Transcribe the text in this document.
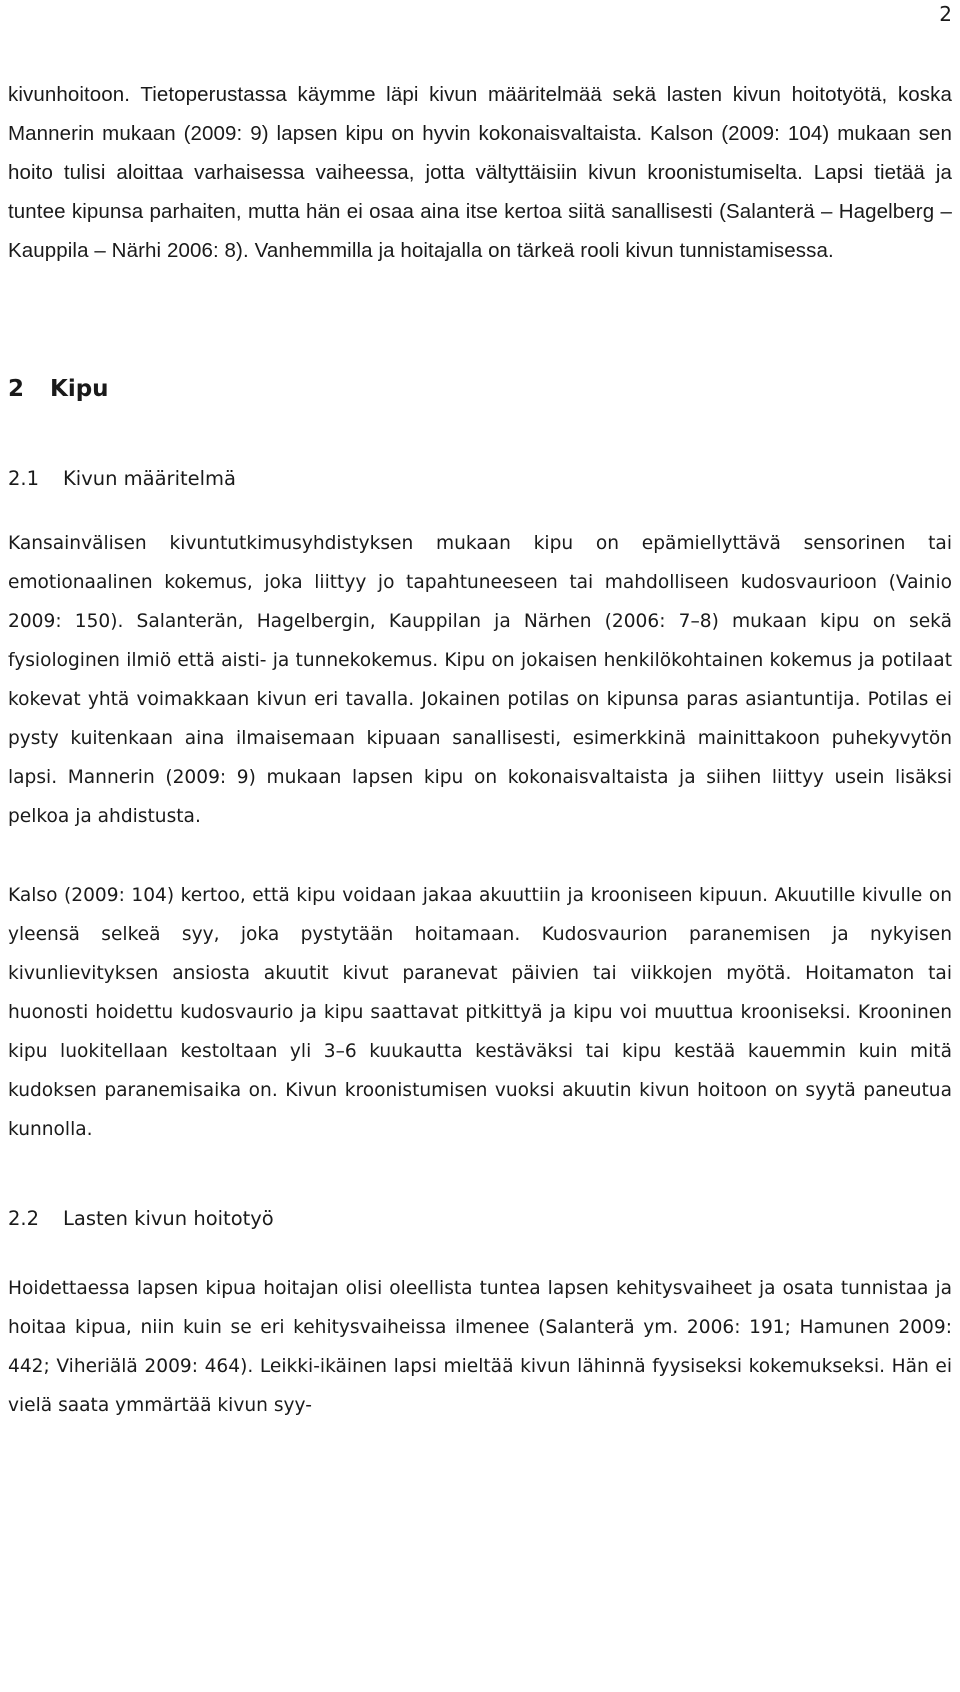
2

kivunhoitoon. Tietoperustassa käymme läpi kivun määritelmää sekä lasten kivun hoitotyötä, koska Mannerin mukaan (2009: 9) lapsen kipu on hyvin kokonaisvaltaista. Kalson (2009: 104) mukaan sen hoito tulisi aloittaa varhaisessa vaiheessa, jotta vältyttäisiin kivun kroonistumiselta. Lapsi tietää ja tuntee kipunsa parhaiten, mutta hän ei osaa aina itse kertoa siitä sanallisesti (Salanterä – Hagelberg – Kauppila – Närhi 2006: 8). Vanhemmilla ja hoitajalla on tärkeä rooli kivun tunnistamisessa.

2 Kipu
2.1 Kivun määritelmä

Kansainvälisen kivuntutkimusyhdistyksen mukaan kipu on epämiellyttävä sensorinen tai emotionaalinen kokemus, joka liittyy jo tapahtuneeseen tai mahdolliseen kudosvaurioon (Vainio 2009: 150). Salanterän, Hagelbergin, Kauppilan ja Närhen (2006: 7–8) mukaan kipu on sekä fysiologinen ilmiö että aisti- ja tunnekokemus. Kipu on jokaisen henkilökohtainen kokemus ja potilaat kokevat yhtä voimakkaan kivun eri tavalla. Jokainen potilas on kipunsa paras asiantuntija. Potilas ei pysty kuitenkaan aina ilmaisemaan kipuaan sanallisesti, esimerkkinä mainittakoon puhekyvytön lapsi. Mannerin (2009: 9) mukaan lapsen kipu on kokonaisvaltaista ja siihen liittyy usein lisäksi pelkoa ja ahdistusta.

Kalso (2009: 104) kertoo, että kipu voidaan jakaa akuuttiin ja krooniseen kipuun. Akuutille kivulle on yleensä selkeä syy, joka pystytään hoitamaan. Kudosvaurion paranemisen ja nykyisen kivunlievityksen ansiosta akuutit kivut paranevat päivien tai viikkojen myötä. Hoitamaton tai huonosti hoidettu kudosvaurio ja kipu saattavat pitkittyä ja kipu voi muuttua krooniseksi. Krooninen kipu luokitellaan kestoltaan yli 3–6 kuukautta kestäväksi tai kipu kestää kauemmin kuin mitä kudoksen paranemisaika on. Kivun kroonistumisen vuoksi akuutin kivun hoitoon on syytä paneutua kunnolla.

2.2 Lasten kivun hoitotyö

Hoidettaessa lapsen kipua hoitajan olisi oleellista tuntea lapsen kehitysvaiheet ja osata tunnistaa ja hoitaa kipua, niin kuin se eri kehitysvaiheissa ilmenee (Salanterä ym. 2006: 191; Hamunen 2009: 442; Viheriälä 2009: 464). Leikki-ikäinen lapsi mieltää kivun lähinnä fyysiseksi kokemukseksi. Hän ei vielä saata ymmärtää kivun syy-
